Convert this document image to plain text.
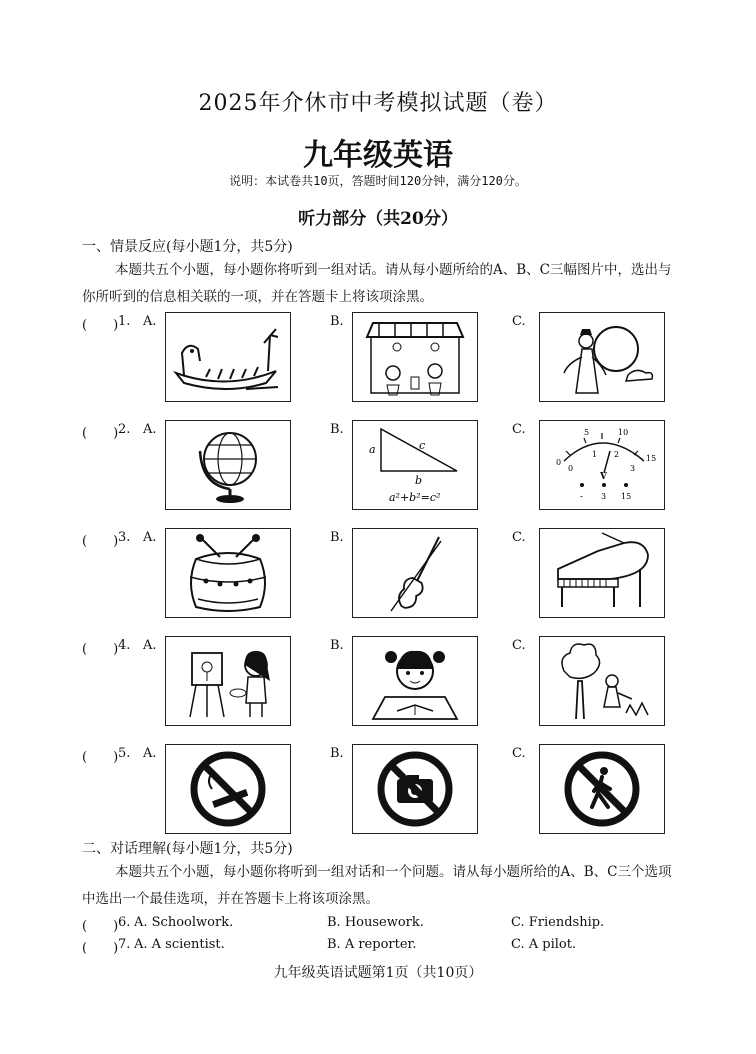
2025年介休市中考模拟试题（卷）
九年级英语
说明：本试卷共10页，答题时间120分钟，满分120分。
听力部分（共20分）
一、情景反应(每小题1分，共5分)
本题共五个小题，每小题你将听到一组对话。请从每小题所给的A、B、C三幅图片中，选出与你所听到的信息相关联的一项，并在答题卡上将该项涂黑。
(　　) 1. A.	B.	C.
(　　) 2. A.	B.	C.
(　　) 3. A.	B.	C.
(　　) 4. A.	B.	C.
(　　) 5. A.	B.	C.
a	c
b
a²+b²=c²
0
5	10
15
0
1 2
3
V
- 3 15
二、对话理解(每小题1分，共5分)
本题共五个小题，每小题你将听到一组对话和一个问题。请从每小题所给的A、B、C三个选项中选出一个最佳选项，并在答题卡上将该项涂黑。
(　　) 6. A. Schoolwork.	B. Housework.	C. Friendship.
(　　) 7. A. A scientist.	B. A reporter.	C. A pilot.
九年级英语试题第1页（共10页）
